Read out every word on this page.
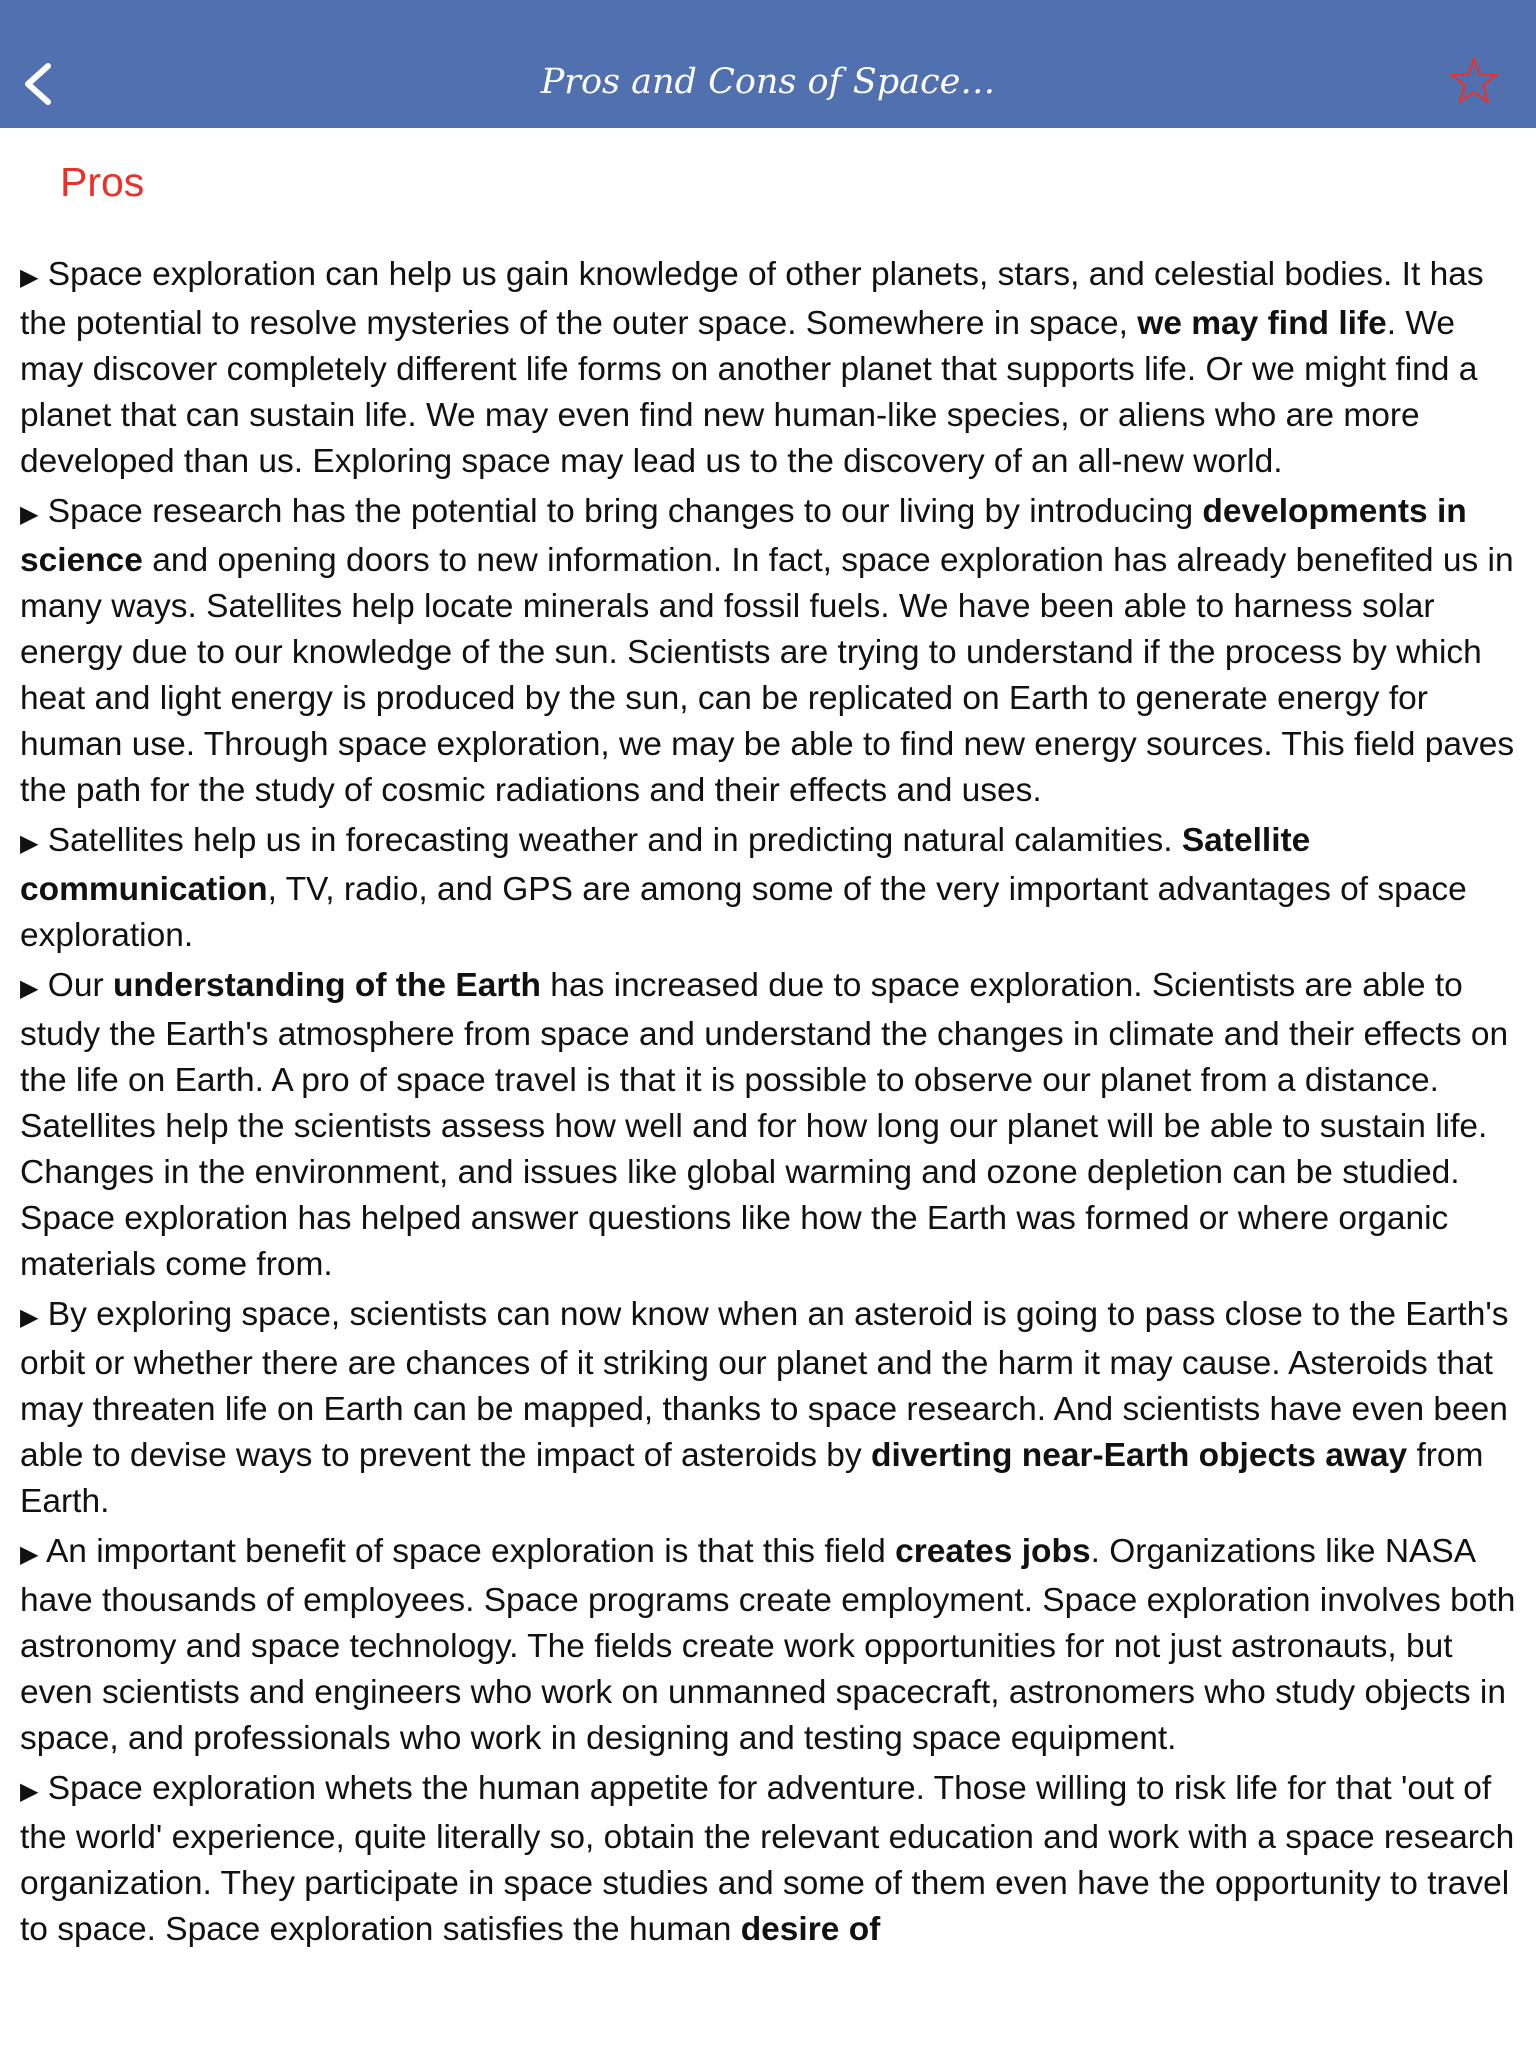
Pros and Cons of Space…
Pros

▶ Space exploration can help us gain knowledge of other planets, stars, and celestial bodies. It has the potential to resolve mysteries of the outer space. Somewhere in space, we may find life. We may discover completely different life forms on another planet that supports life. Or we might find a planet that can sustain life. We may even find new human-like species, or aliens who are more developed than us. Exploring space may lead us to the discovery of an all-new world.

▶ Space research has the potential to bring changes to our living by introducing developments in science and opening doors to new information. In fact, space exploration has already benefited us in many ways. Satellites help locate minerals and fossil fuels. We have been able to harness solar energy due to our knowledge of the sun. Scientists are trying to understand if the process by which heat and light energy is produced by the sun, can be replicated on Earth to generate energy for human use. Through space exploration, we may be able to find new energy sources. This field paves the path for the study of cosmic radiations and their effects and uses.

▶ Satellites help us in forecasting weather and in predicting natural calamities. Satellite communication, TV, radio, and GPS are among some of the very important advantages of space exploration.

▶ Our understanding of the Earth has increased due to space exploration. Scientists are able to study the Earth's atmosphere from space and understand the changes in climate and their effects on the life on Earth. A pro of space travel is that it is possible to observe our planet from a distance. Satellites help the scientists assess how well and for how long our planet will be able to sustain life. Changes in the environment, and issues like global warming and ozone depletion can be studied. Space exploration has helped answer questions like how the Earth was formed or where organic materials come from.

▶ By exploring space, scientists can now know when an asteroid is going to pass close to the Earth's orbit or whether there are chances of it striking our planet and the harm it may cause. Asteroids that may threaten life on Earth can be mapped, thanks to space research. And scientists have even been able to devise ways to prevent the impact of asteroids by diverting near-Earth objects away from Earth.

▶ An important benefit of space exploration is that this field creates jobs. Organizations like NASA have thousands of employees. Space programs create employment. Space exploration involves both astronomy and space technology. The fields create work opportunities for not just astronauts, but even scientists and engineers who work on unmanned spacecraft, astronomers who study objects in space, and professionals who work in designing and testing space equipment.

▶ Space exploration whets the human appetite for adventure. Those willing to risk life for that 'out of the world' experience, quite literally so, obtain the relevant education and work with a space research organization. They participate in space studies and some of them even have the opportunity to travel to space. Space exploration satisfies the human desire of
